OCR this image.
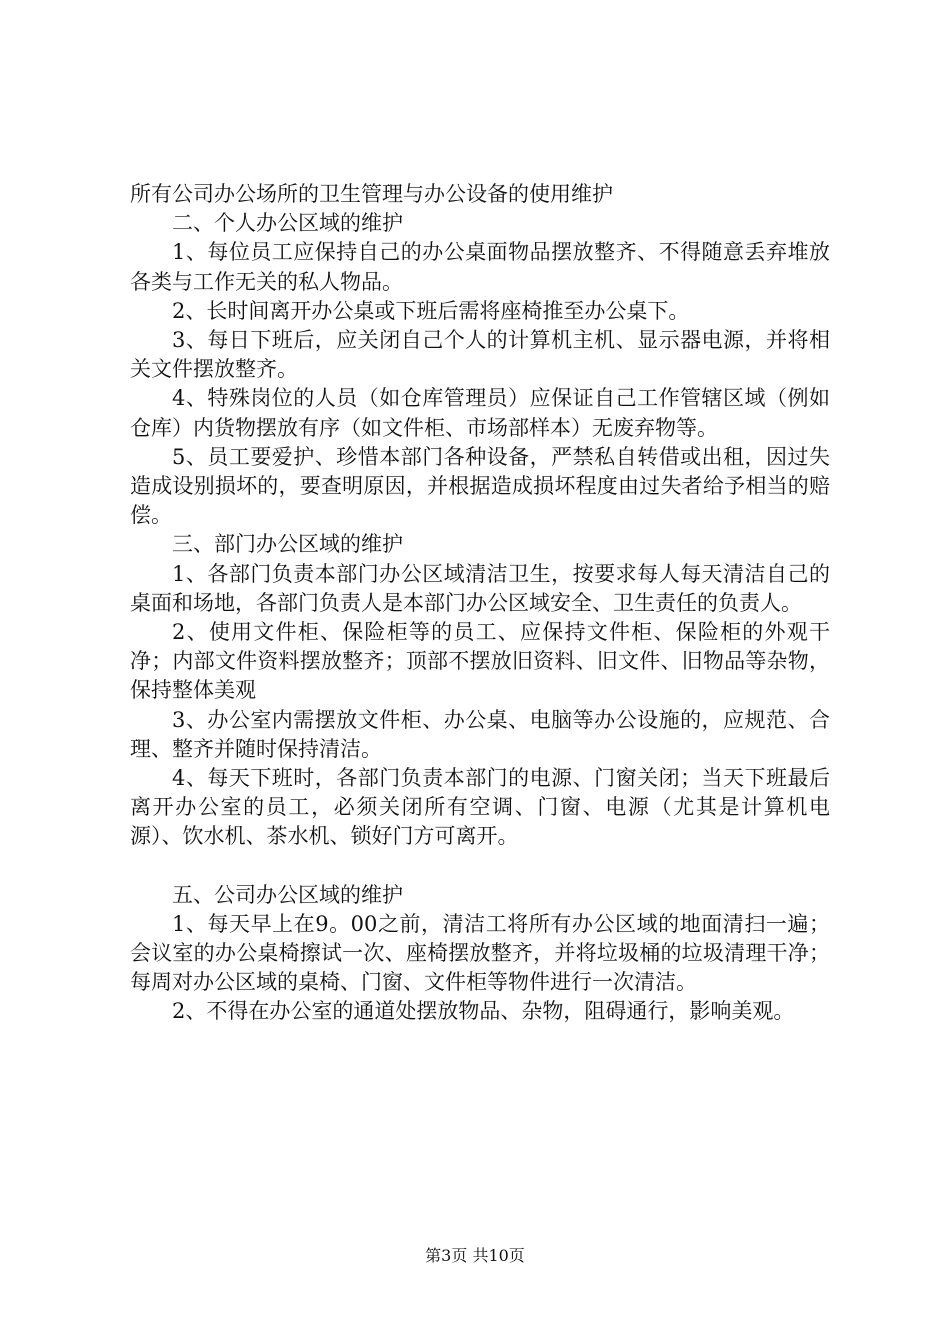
所有公司办公场所的卫生管理与办公设备的使用维护

二、个人办公区域的维护

1、每位员工应保持自己的办公桌面物品摆放整齐、不得随意丢弃堆放各类与工作无关的私人物品。

2、长时间离开办公桌或下班后需将座椅推至办公桌下。

3、每日下班后，应关闭自己个人的计算机主机、显示器电源，并将相关文件摆放整齐。

4、特殊岗位的人员（如仓库管理员）应保证自己工作管辖区域（例如仓库）内货物摆放有序（如文件柜、市场部样本）无废弃物等。

5、员工要爱护、珍惜本部门各种设备，严禁私自转借或出租，因过失造成设别损坏的，要查明原因，并根据造成损坏程度由过失者给予相当的赔偿。

三、部门办公区域的维护

1、各部门负责本部门办公区域清洁卫生，按要求每人每天清洁自己的桌面和场地，各部门负责人是本部门办公区域安全、卫生责任的负责人。

2、使用文件柜、保险柜等的员工、应保持文件柜、保险柜的外观干净；内部文件资料摆放整齐；顶部不摆放旧资料、旧文件、旧物品等杂物，保持整体美观

3、办公室内需摆放文件柜、办公桌、电脑等办公设施的，应规范、合理、整齐并随时保持清洁。

4、每天下班时，各部门负责本部门的电源、门窗关闭；当天下班最后离开办公室的员工，必须关闭所有空调、门窗、电源（尤其是计算机电源）、饮水机、茶水机、锁好门方可离开。

五、公司办公区域的维护

1、每天早上在9。00之前，清洁工将所有办公区域的地面清扫一遍；会议室的办公桌椅擦试一次、座椅摆放整齐，并将垃圾桶的垃圾清理干净；每周对办公区域的桌椅、门窗、文件柜等物件进行一次清洁。

2、不得在办公室的通道处摆放物品、杂物，阻碍通行，影响美观。

第3页 共10页
